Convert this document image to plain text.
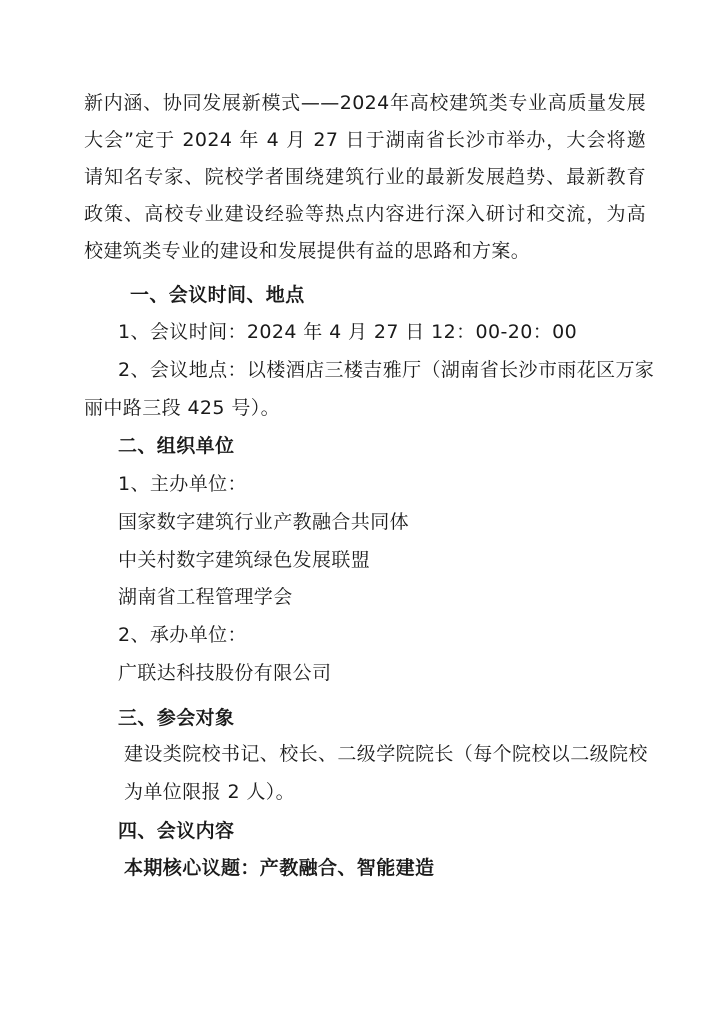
新内涵、协同发展新模式——2024年高校建筑类专业高质量发展大会”定于 2024 年 4 月 27 日于湖南省长沙市举办，大会将邀请知名专家、院校学者围绕建筑行业的最新发展趋势、最新教育政策、高校专业建设经验等热点内容进行深入研讨和交流，为高校建筑类专业的建设和发展提供有益的思路和方案。

一、会议时间、地点
1、会议时间：2024 年 4 月 27 日 12：00-20：00
2、会议地点：以楼酒店三楼吉雅厅（湖南省长沙市雨花区万家
丽中路三段 425 号）。
二、组织单位
1、主办单位：
国家数字建筑行业产教融合共同体
中关村数字建筑绿色发展联盟
湖南省工程管理学会
2、承办单位：
广联达科技股份有限公司
三、参会对象
建设类院校书记、校长、二级学院院长（每个院校以二级院校
为单位限报 2 人）。
四、会议内容
本期核心议题：产教融合、智能建造
